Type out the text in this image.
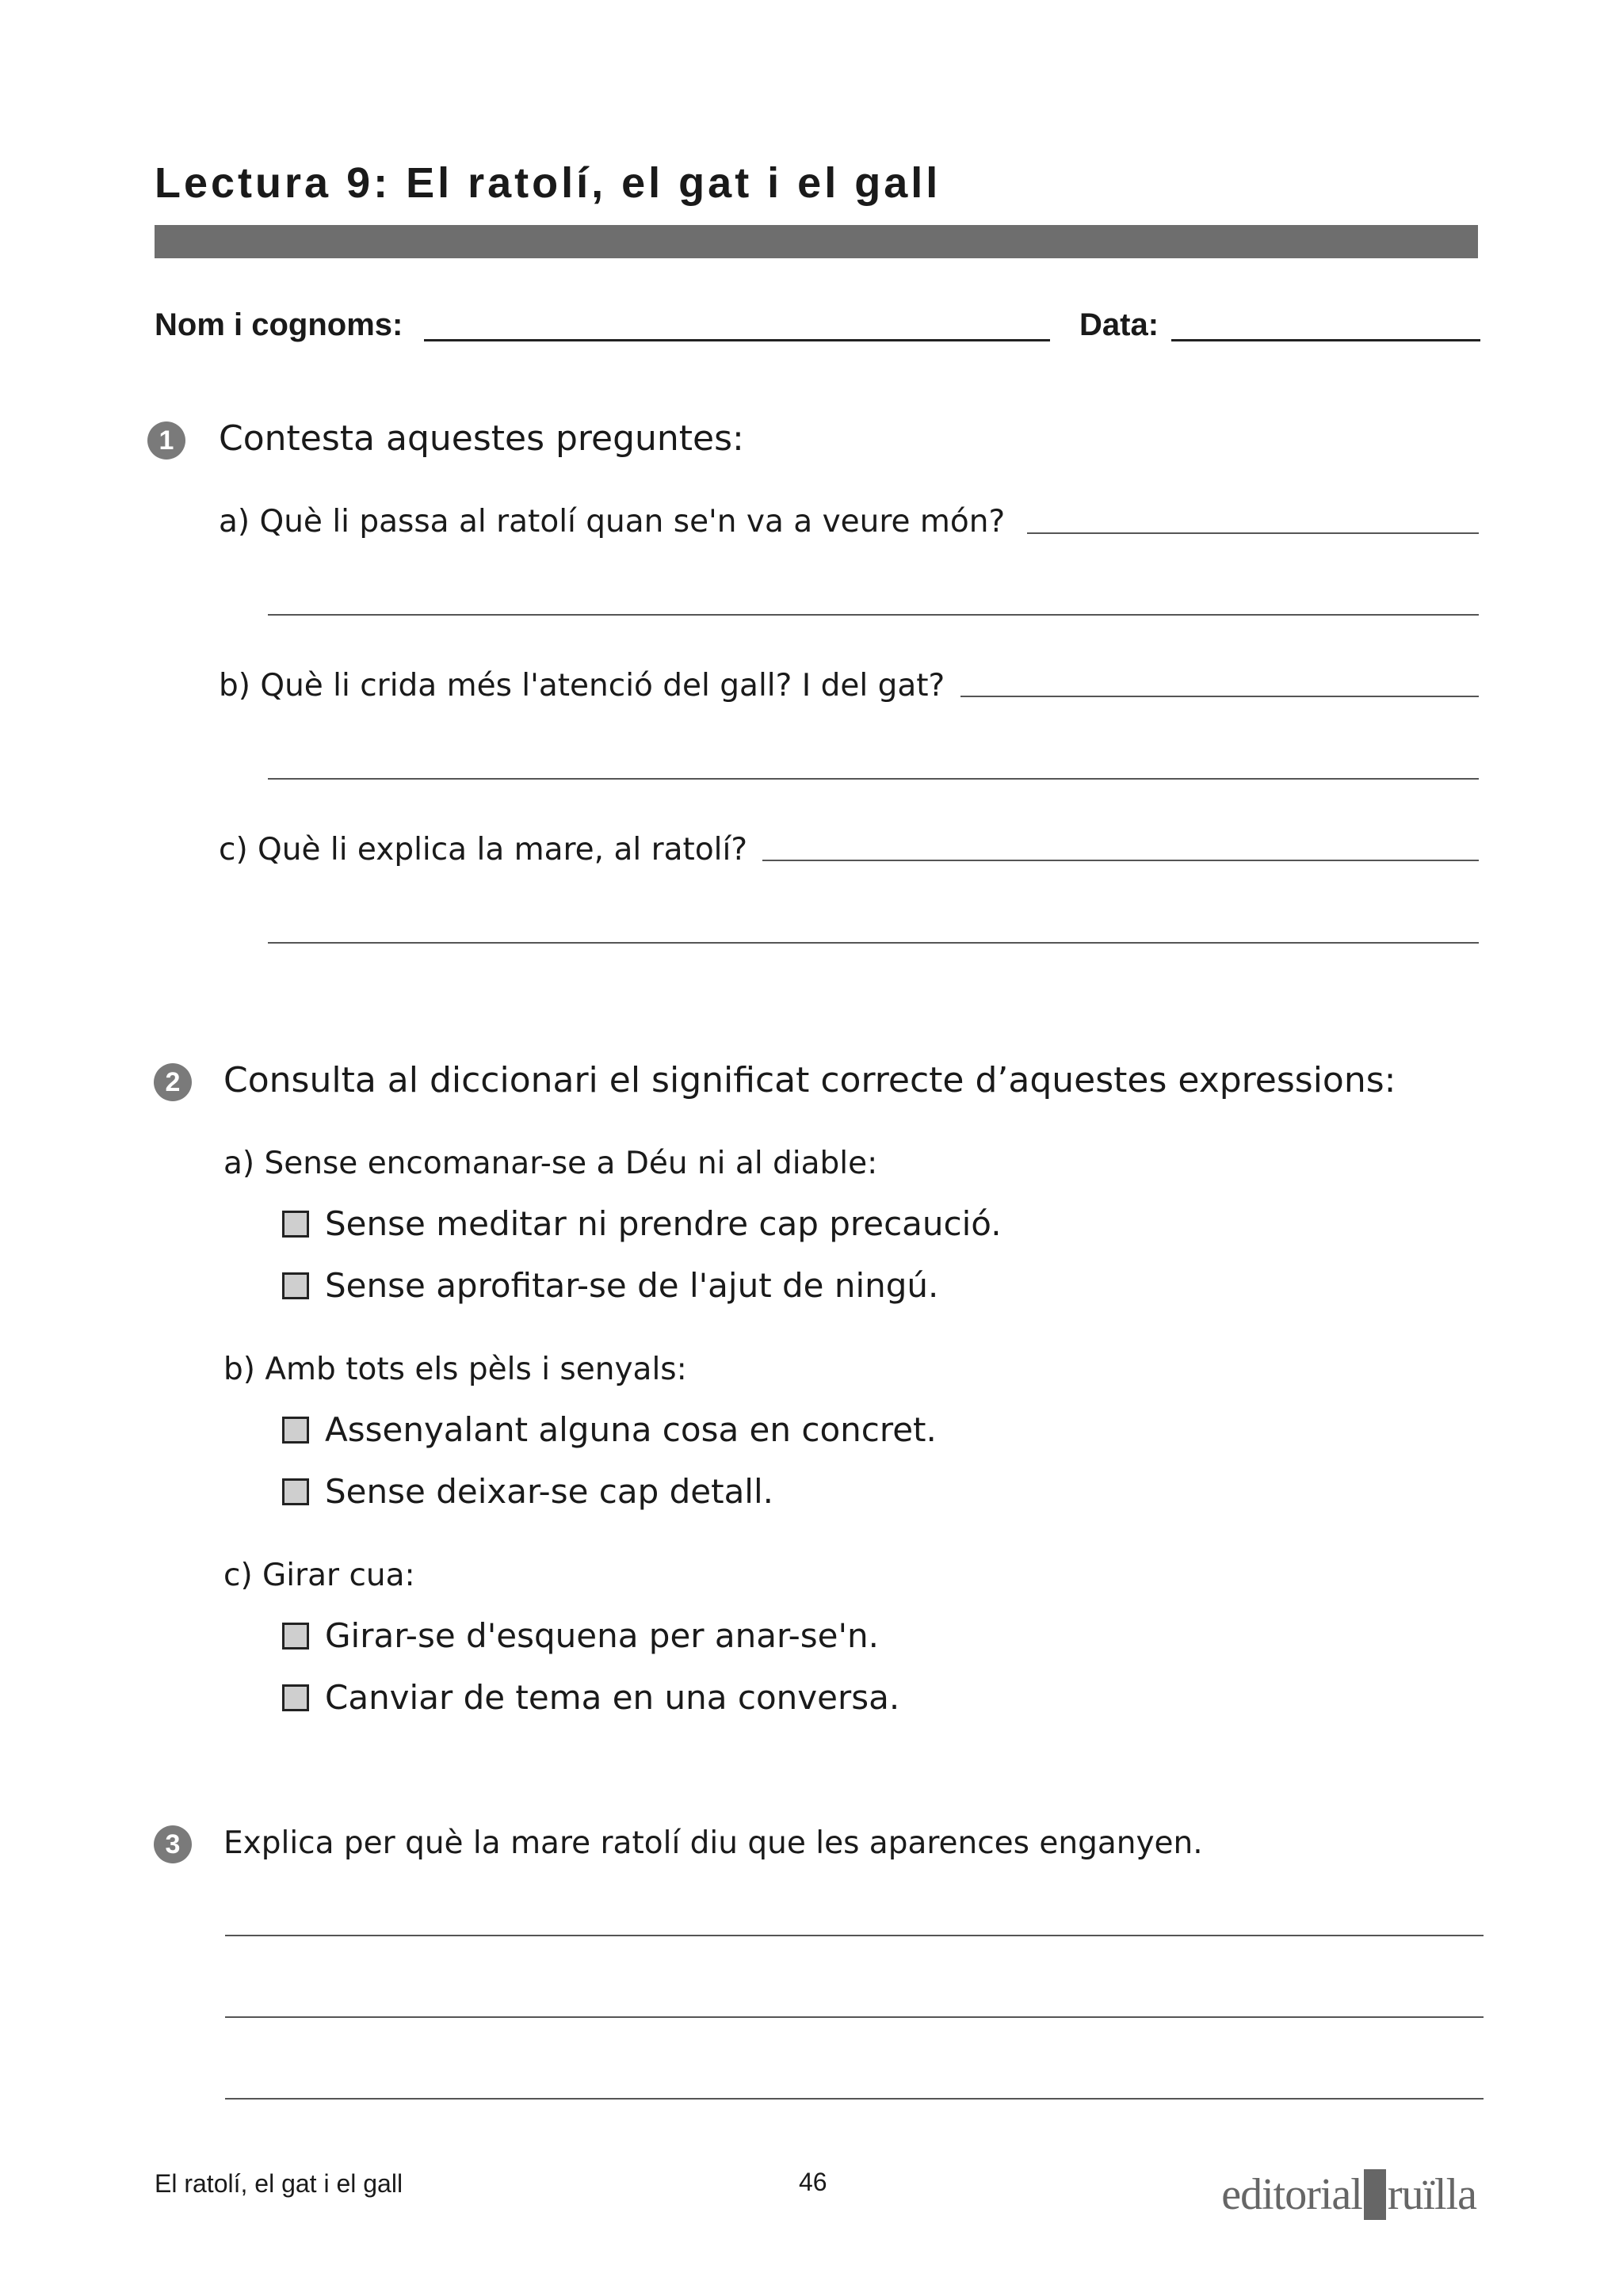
Lectura 9: El ratolí, el gat i el gall
Nom i cognoms:	Data:
1	Contesta aquestes preguntes:
a) Què li passa al ratolí quan se'n va a veure món?
b) Què li crida més l'atenció del gall? I del gat?
c) Què li explica la mare, al ratolí?
2	Consulta al diccionari el significat correcte d’aquestes expressions:
a) Sense encomanar-se a Déu ni al diable:
Sense meditar ni prendre cap precaució.
Sense aprofitar-se de l'ajut de ningú.
b) Amb tots els pèls i senyals:
Assenyalant alguna cosa en concret.
Sense deixar-se cap detall.
c) Girar cua:
Girar-se d'esquena per anar-se'n.
Canviar de tema en una conversa.
3	Explica per què la mare ratolí diu que les aparences enganyen.
El ratolí, el gat i el gall	46	editorial ruïlla
